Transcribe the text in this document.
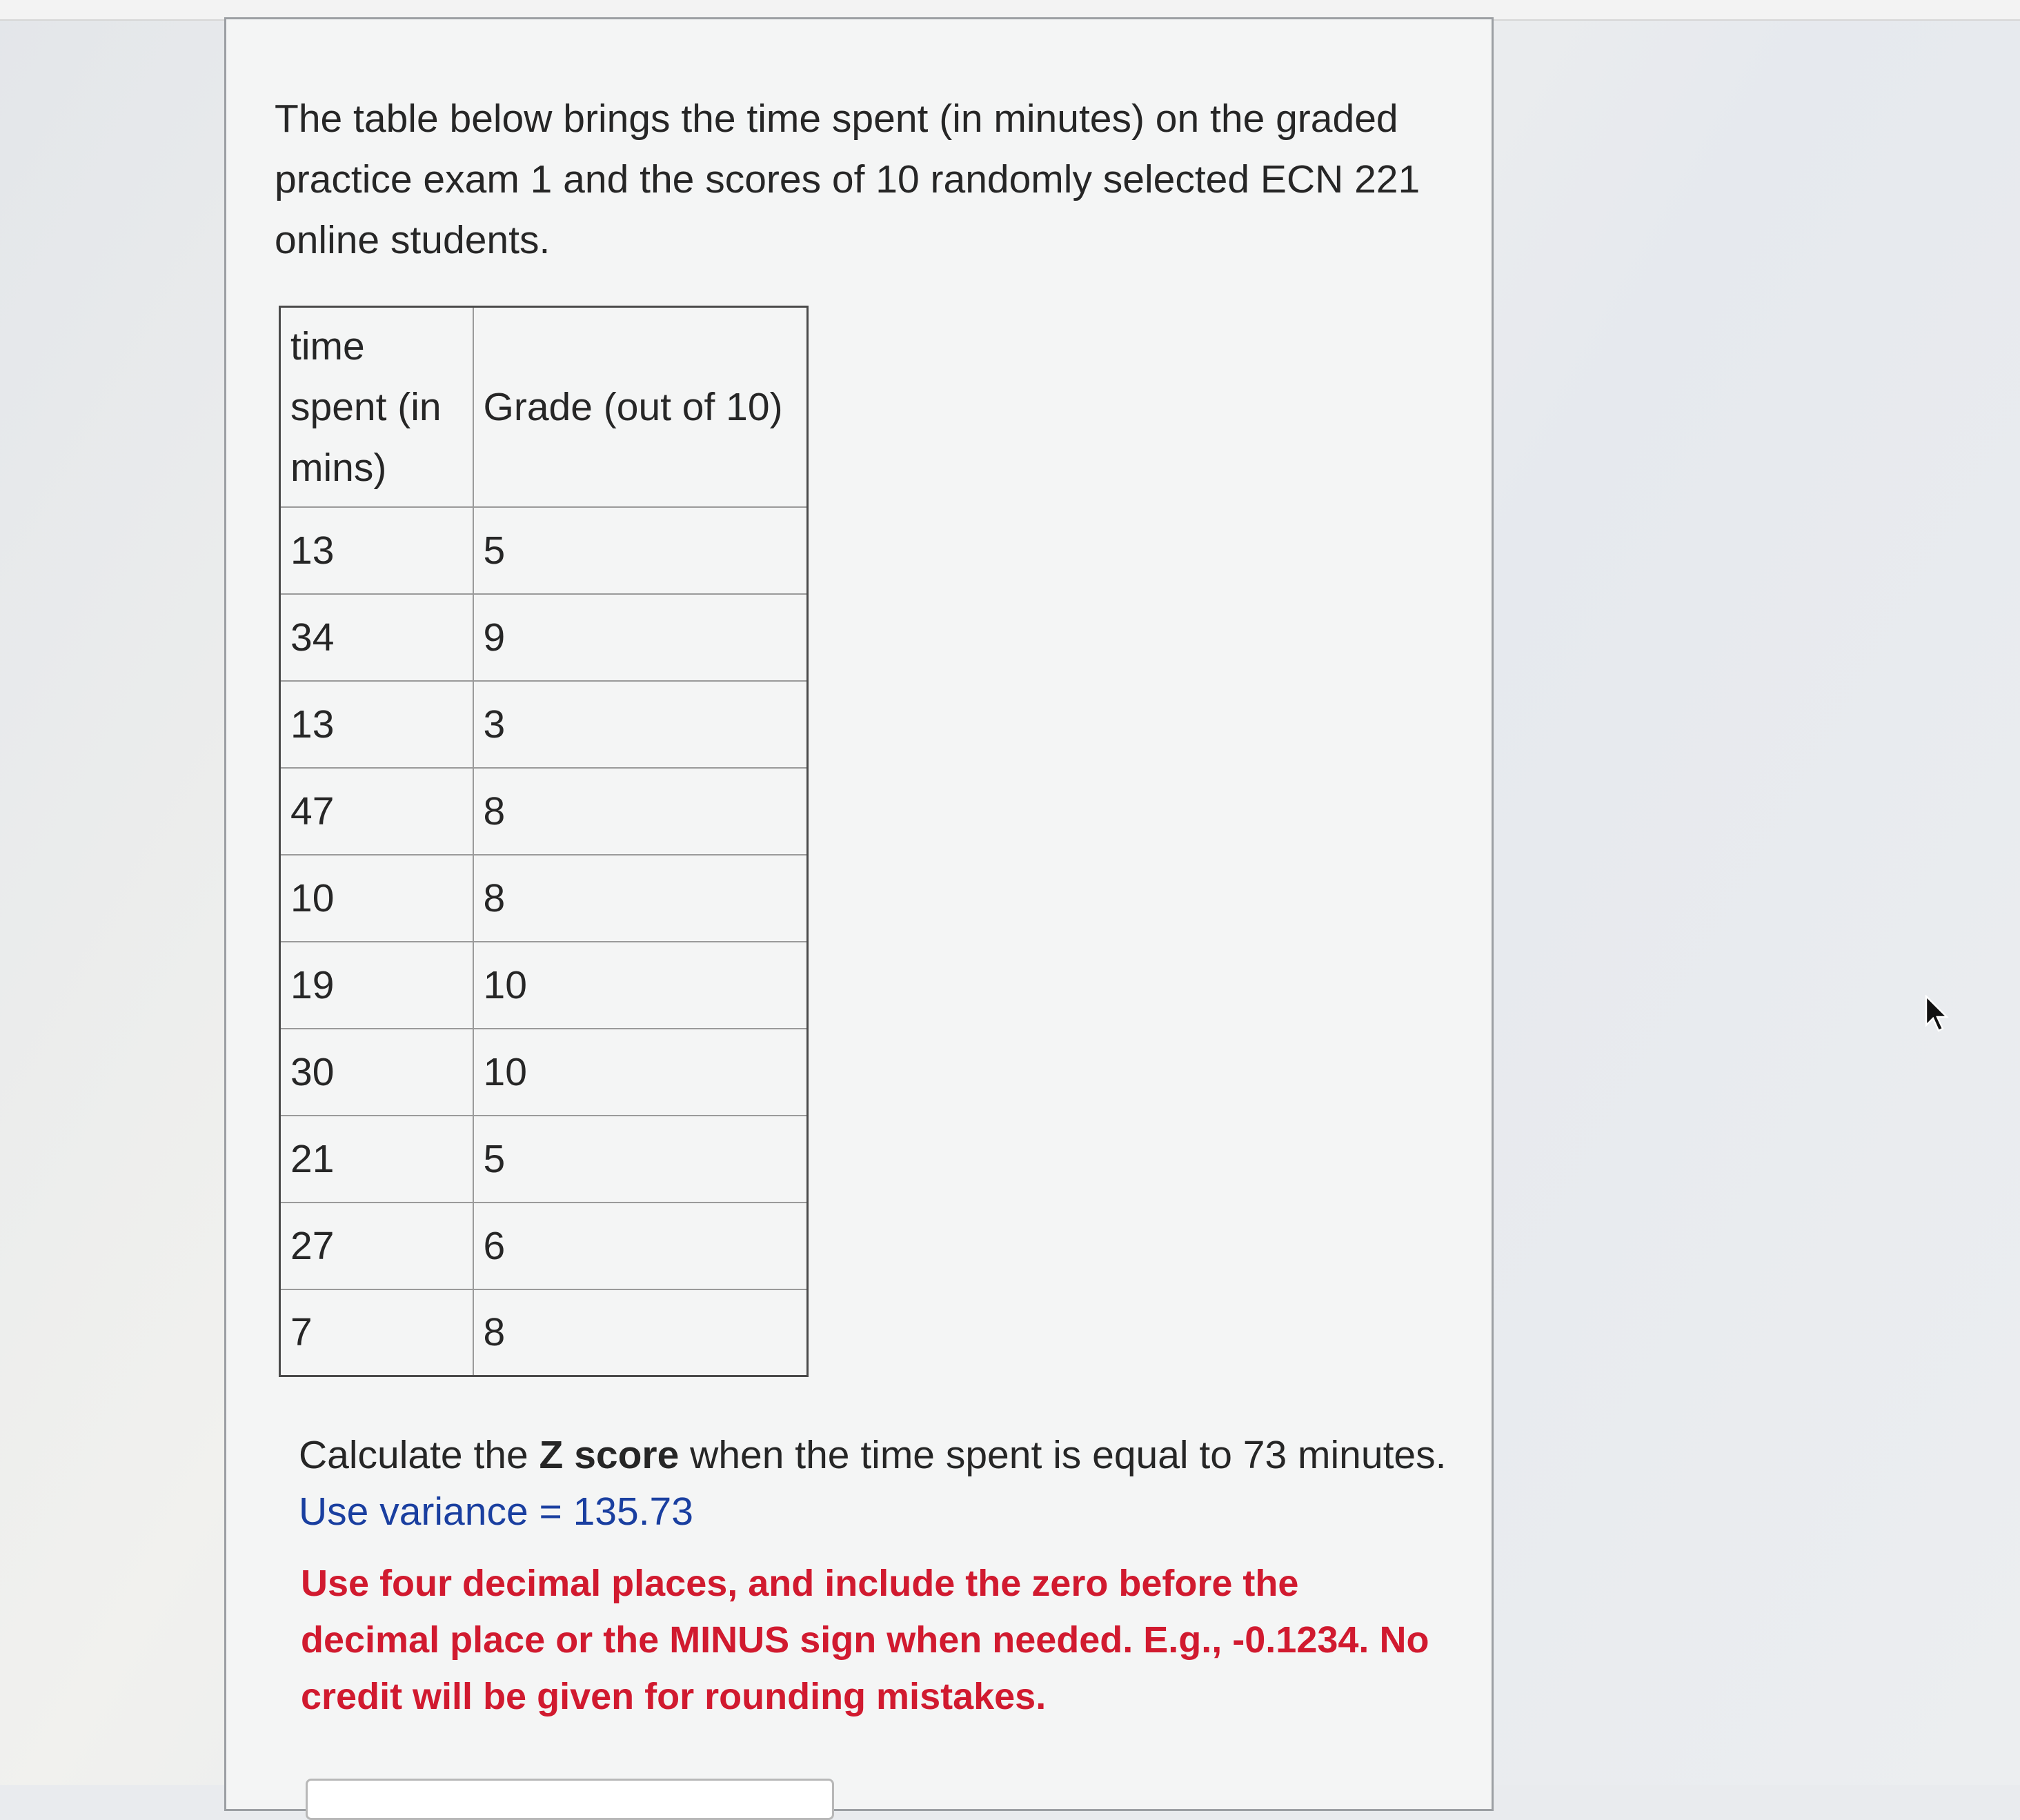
The table below brings the time spent (in minutes) on the graded practice exam 1 and the scores of 10 randomly selected ECN 221 online students.

time spent (in mins)	Grade (out of 10)
13	5
34	9
13	3
47	8
10	8
19	10
30	10
21	5
27	6
7	8

Calculate the Z score when the time spent is equal to 73 minutes.

Use variance = 135.73

Use four decimal places, and include the zero before the decimal place or the MINUS sign when needed. E.g., -0.1234. No credit will be given for rounding mistakes.
